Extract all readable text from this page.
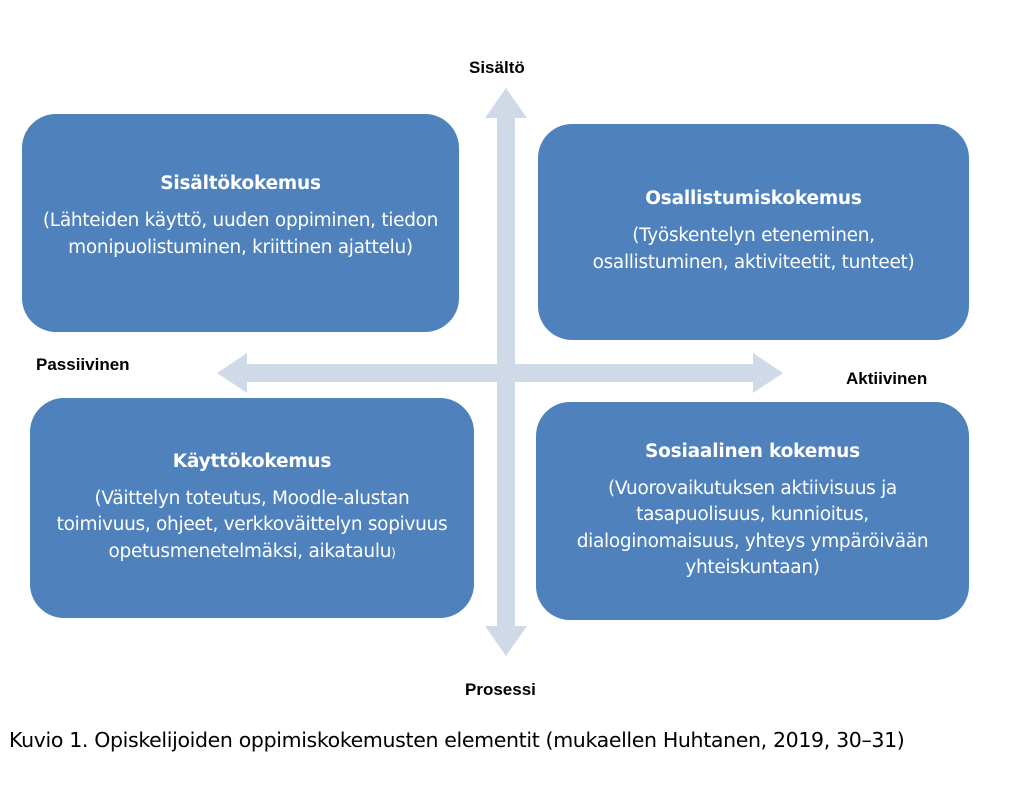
Sisältö
Prosessi
Passiivinen
Aktiivinen
Sisältökokemus
(Lähteiden käyttö, uuden oppiminen, tiedon monipuolistuminen, kriittinen ajattelu)
Osallistumiskokemus
(Työskentelyn eteneminen, osallistuminen, aktiviteetit, tunteet)
Käyttökokemus
(Väittelyn toteutus, Moodle-alustan toimivuus, ohjeet, verkkoväittelyn sopivuus opetusmenetelmäksi, aikataulu)
Sosiaalinen kokemus
(Vuorovaikutuksen aktiivisuus ja tasapuolisuus, kunnioitus, dialoginomaisuus, yhteys ympäröivään yhteiskuntaan)
Kuvio 1. Opiskelijoiden oppimiskokemusten elementit (mukaellen Huhtanen, 2019, 30–31)
